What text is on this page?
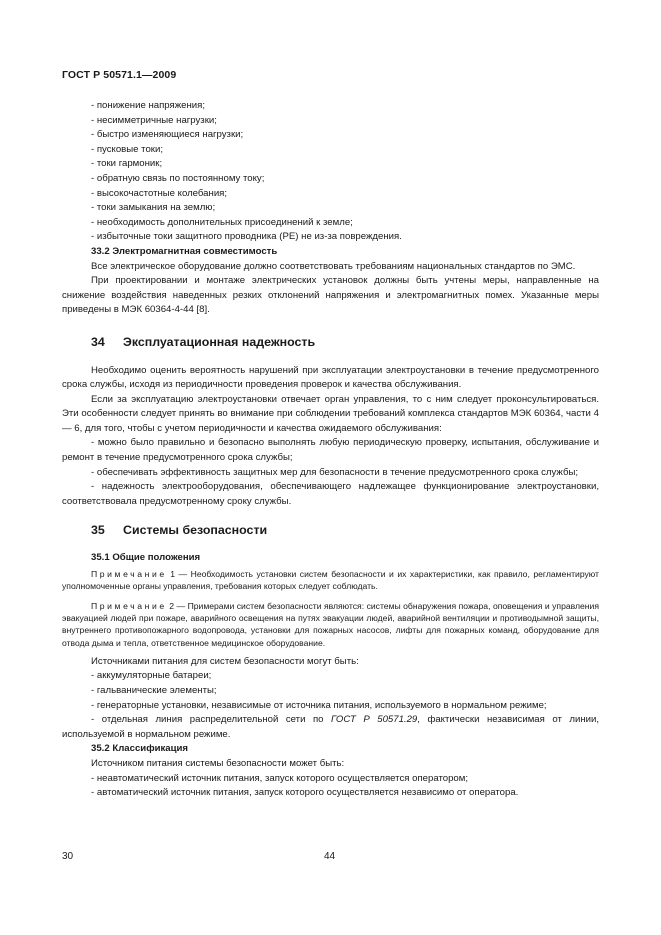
ГОСТ Р 50571.1—2009
- понижение напряжения;
- несимметричные нагрузки;
- быстро изменяющиеся нагрузки;
- пусковые токи;
- токи гармоник;
- обратную связь по постоянному току;
- высокочастотные колебания;
- токи замыкания на землю;
- необходимость дополнительных присоединений к земле;
- избыточные токи защитного проводника (РЕ) не из-за повреждения.
33.2 Электромагнитная совместимость

Все электрическое оборудование должно соответствовать требованиям национальных стандартов по ЭМС.

При проектировании и монтаже электрических установок должны быть учтены меры, направленные на снижение воздействия наведенных резких отклонений напряжения и электромагнитных помех. Указанные меры приведены в МЭК 60364-4-44 [8].

34 Эксплуатационная надежность

Необходимо оценить вероятность нарушений при эксплуатации электроустановки в течение предусмотренного срока службы, исходя из периодичности проведения проверок и качества обслуживания.

Если за эксплуатацию электроустановки отвечает орган управления, то с ним следует проконсультироваться. Эти особенности следует принять во внимание при соблюдении требований комплекса стандартов МЭК 60364, части 4 — 6, для того, чтобы с учетом периодичности и качества ожидаемого обслуживания:

- можно было правильно и безопасно выполнять любую периодическую проверку, испытания, обслуживание и ремонт в течение предусмотренного срока службы;

- обеспечивать эффективность защитных мер для безопасности в течение предусмотренного срока службы;

- надежность электрооборудования, обеспечивающего надлежащее функционирование электроустановки, соответствовала предусмотренному сроку службы.

35 Системы безопасности
35.1 Общие положения

Примечание 1 — Необходимость установки систем безопасности и их характеристики, как правило, регламентируют уполномоченные органы управления, требования которых следует соблюдать.

Примечание 2 — Примерами систем безопасности являются: системы обнаружения пожара, оповещения и управления эвакуацией людей при пожаре, аварийного освещения на путях эвакуации людей, аварийной вентиляции и противодымной защиты, внутреннего противопожарного водопровода, установки для пожарных насосов, лифты для пожарных команд, оборудование для отвода дыма и тепла, ответственное медицинское оборудование.

Источниками питания для систем безопасности могут быть:

- аккумуляторные батареи;
- гальванические элементы;

- генераторные установки, независимые от источника питания, используемого в нормальном режиме;

- отдельная линия распределительной сети по ГОСТ Р 50571.29, фактически независимая от линии, используемой в нормальном режиме.

35.2 Классификация

Источником питания системы безопасности может быть:

- неавтоматический источник питания, запуск которого осуществляется оператором;
- автоматический источник питания, запуск которого осуществляется независимо от оператора.
30	44
